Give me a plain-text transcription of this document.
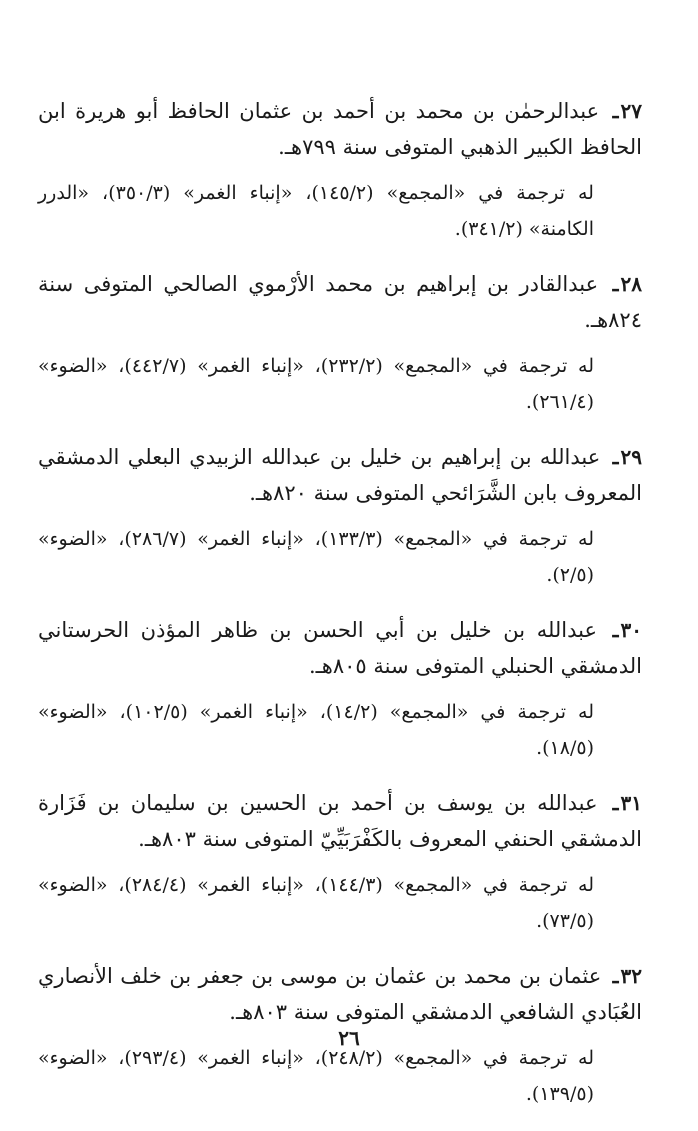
٢٧ـ عبدالرحمٰن بن محمد بن أحمد بن عثمان الحافظ أبو هريرة ابن الحافظ الكبير الذهبي المتوفى سنة ٧٩٩هـ.
له ترجمة في «المجمع» (١٤٥/٢)، «إنباء الغمر» (٣٥٠/٣)، «الدرر الكامنة» (٣٤١/٢).
٢٨ـ عبدالقادر بن إبراهيم بن محمد الأرْموي الصالحي المتوفى سنة ٨٢٤هـ.
له ترجمة في «المجمع» (٢٣٢/٢)، «إنباء الغمر» (٤٤٢/٧)، «الضوء» (٢٦١/٤).
٢٩ـ عبدالله بن إبراهيم بن خليل بن عبدالله الزبيدي البعلي الدمشقي المعروف بابن الشَّرَائحي المتوفى سنة ٨٢٠هـ.
له ترجمة في «المجمع» (١٣٣/٣)، «إنباء الغمر» (٢٨٦/٧)، «الضوء» (٢/٥).
٣٠ـ عبدالله بن خليل بن أبي الحسن بن ظاهر المؤذن الحرستاني الدمشقي الحنبلي المتوفى سنة ٨٠٥هـ.
له ترجمة في «المجمع» (١٤/٢)، «إنباء الغمر» (١٠٢/٥)، «الضوء» (١٨/٥).
٣١ـ عبدالله بن يوسف بن أحمد بن الحسين بن سليمان بن فَزَارة الدمشقي الحنفي المعروف بالكَفْرَبَيِّيّ المتوفى سنة ٨٠٣هـ.
له ترجمة في «المجمع» (١٤٤/٣)، «إنباء الغمر» (٢٨٤/٤)، «الضوء» (٧٣/٥).
٣٢ـ عثمان بن محمد بن عثمان بن موسى بن جعفر بن خلف الأنصاري العُبَادي الشافعي الدمشقي المتوفى سنة ٨٠٣هـ.
له ترجمة في «المجمع» (٢٤٨/٢)، «إنباء الغمر» (٢٩٣/٤)، «الضوء» (١٣٩/٥).
٢٦
